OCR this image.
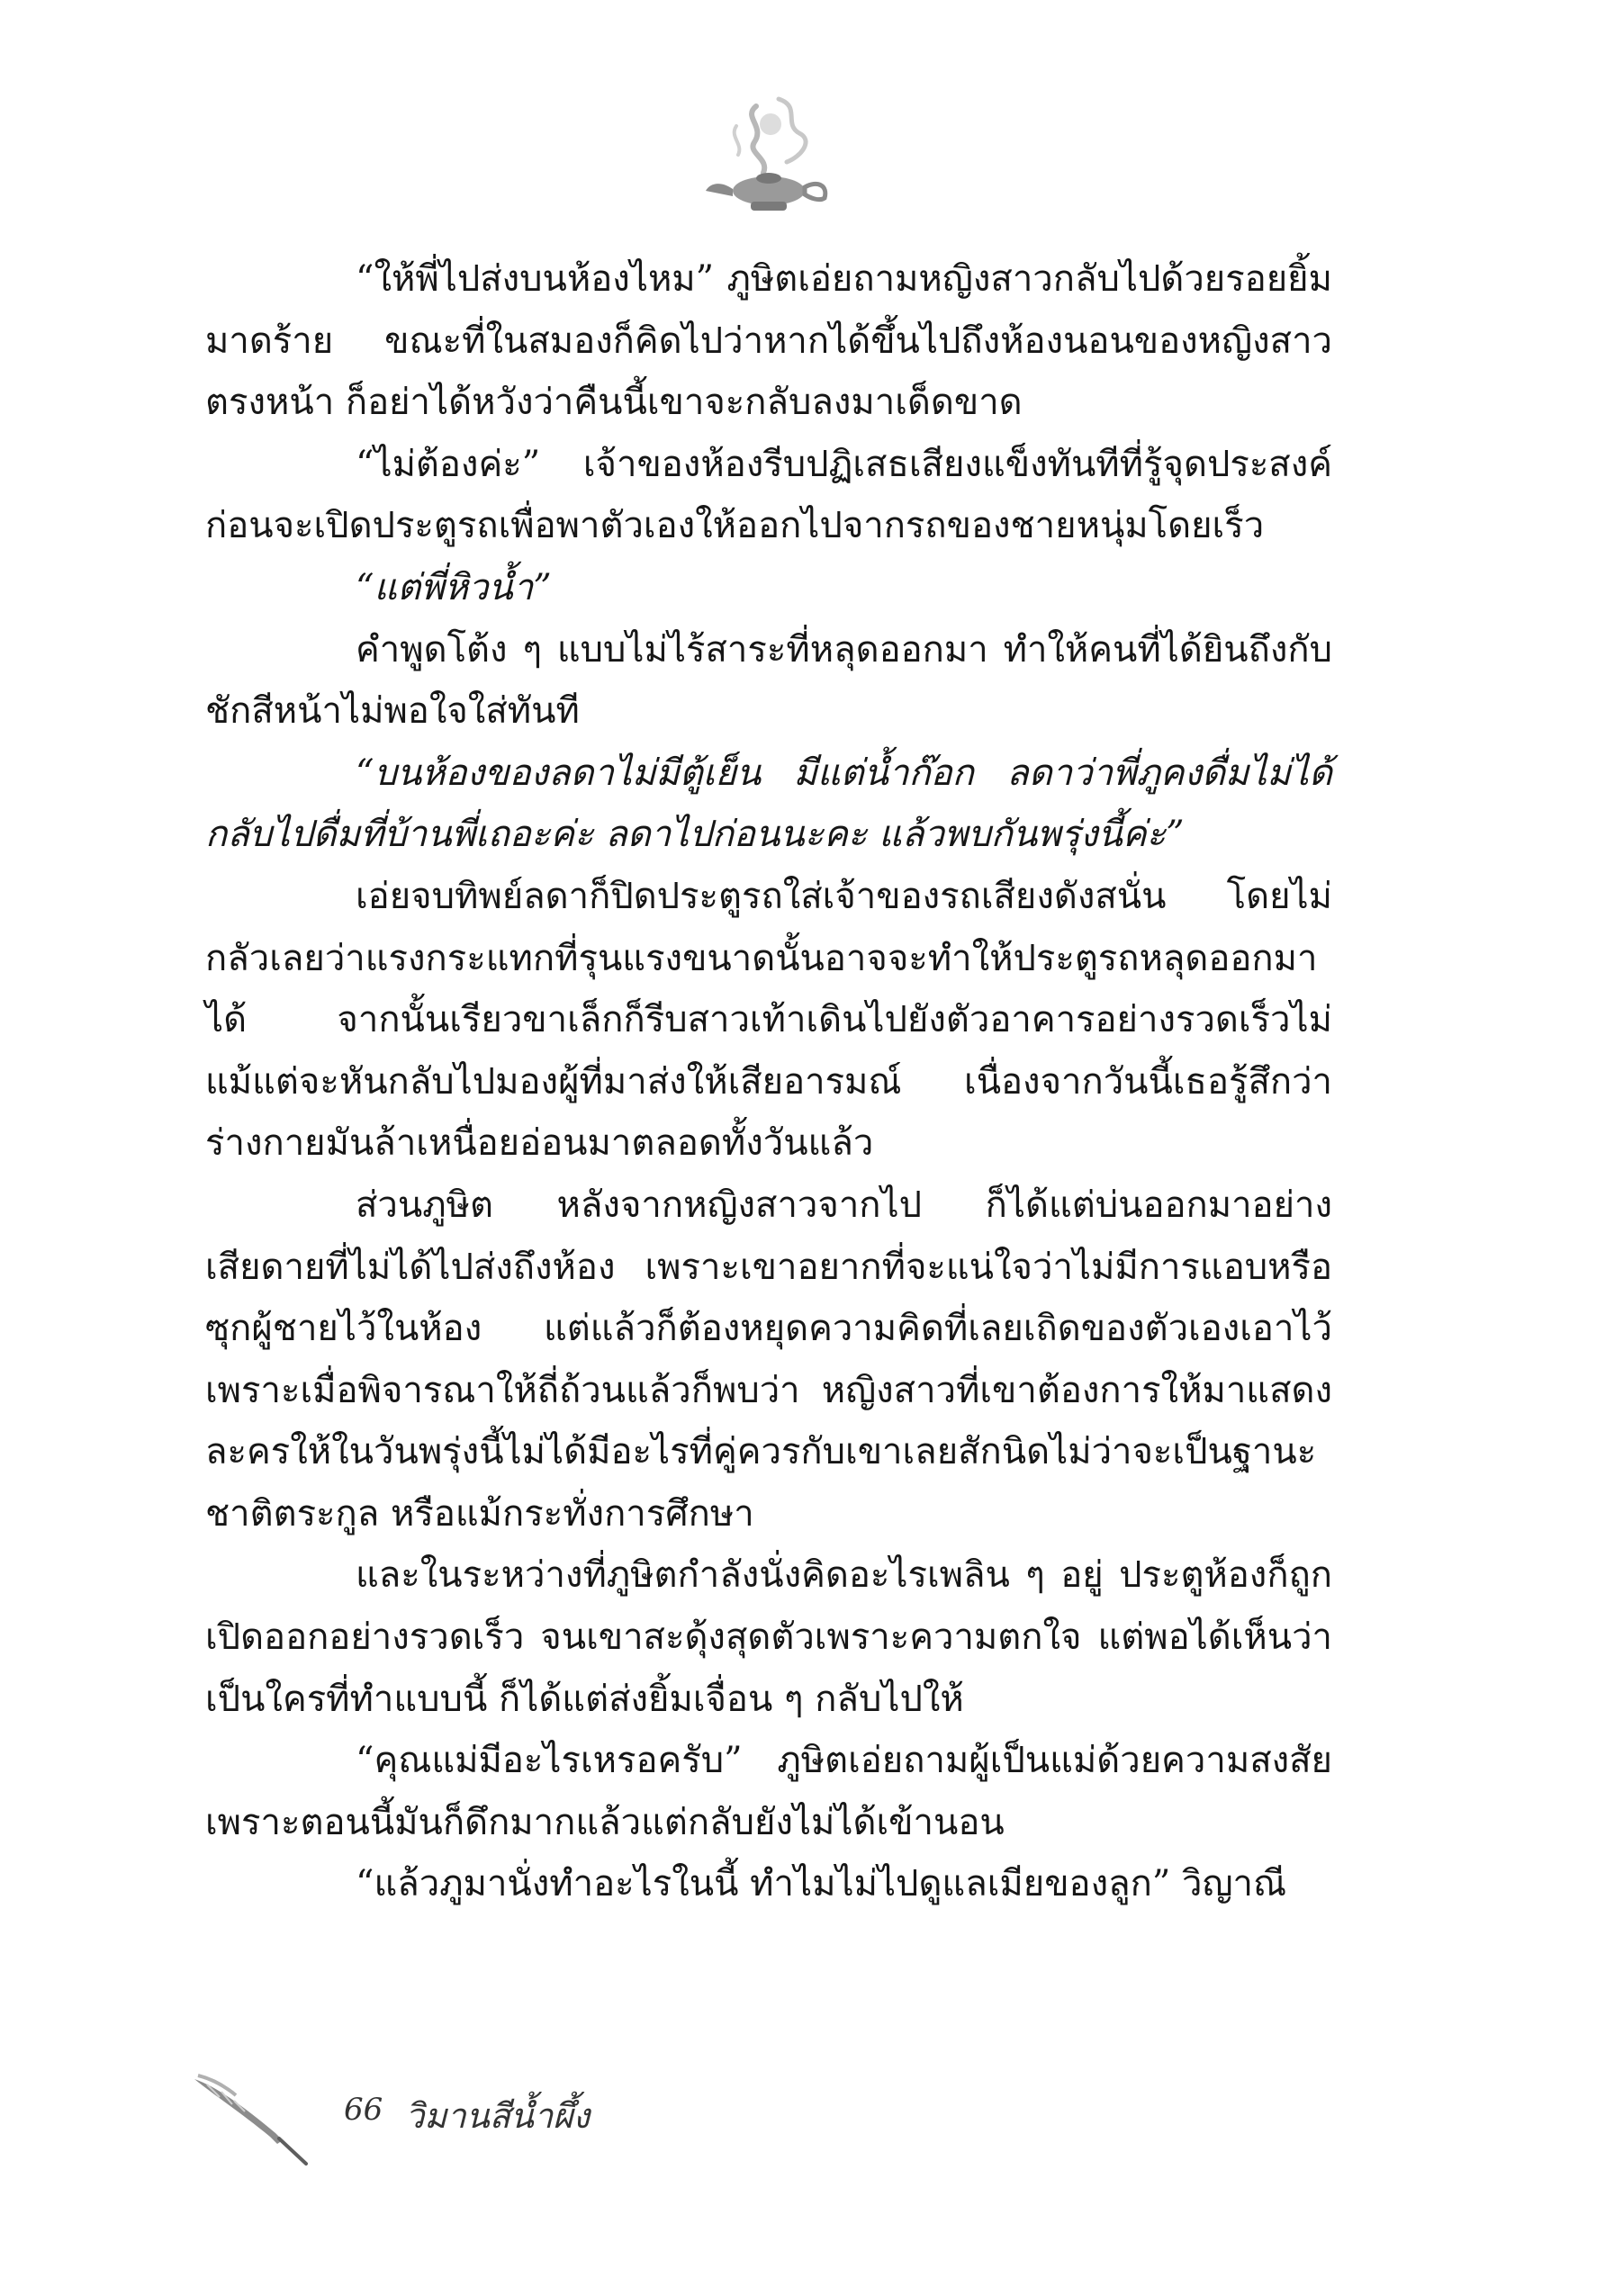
“ให้พี่ไปส่งบนห้องไหม” ภูษิตเอ่ยถามหญิงสาวกลับไปด้วยรอยยิ้มมาดร้าย ขณะที่ในสมองก็คิดไปว่าหากได้ขึ้นไปถึงห้องนอนของหญิงสาวตรงหน้า ก็อย่าได้หวังว่าคืนนี้เขาจะกลับลงมาเด็ดขาด

“ไม่ต้องค่ะ” เจ้าของห้องรีบปฏิเสธเสียงแข็งทันทีที่รู้จุดประสงค์ก่อนจะเปิดประตูรถเพื่อพาตัวเองให้ออกไปจากรถของชายหนุ่มโดยเร็ว

“แต่พี่หิวน้ำ”

คำพูดโต้ง ๆ แบบไม่ไร้สาระที่หลุดออกมา ทำให้คนที่ได้ยินถึงกับชักสีหน้าไม่พอใจใส่ทันที

“บนห้องของลดาไม่มีตู้เย็น มีแต่น้ำก๊อก ลดาว่าพี่ภูคงดื่มไม่ได้ กลับไปดื่มที่บ้านพี่เถอะค่ะ ลดาไปก่อนนะคะ แล้วพบกันพรุ่งนี้ค่ะ”

เอ่ยจบทิพย์ลดาก็ปิดประตูรถใส่เจ้าของรถเสียงดังสนั่น โดยไม่กลัวเลยว่าแรงกระแทกที่รุนแรงขนาดนั้นอาจจะทำให้ประตูรถหลุดออกมาได้ จากนั้นเรียวขาเล็กก็รีบสาวเท้าเดินไปยังตัวอาคารอย่างรวดเร็วไม่แม้แต่จะหันกลับไปมองผู้ที่มาส่งให้เสียอารมณ์ เนื่องจากวันนี้เธอรู้สึกว่าร่างกายมันล้าเหนื่อยอ่อนมาตลอดทั้งวันแล้ว

ส่วนภูษิต หลังจากหญิงสาวจากไป ก็ได้แต่บ่นออกมาอย่างเสียดายที่ไม่ได้ไปส่งถึงห้อง เพราะเขาอยากที่จะแน่ใจว่าไม่มีการแอบหรือซุกผู้ชายไว้ในห้อง แต่แล้วก็ต้องหยุดความคิดที่เลยเถิดของตัวเองเอาไว้ เพราะเมื่อพิจารณาให้ถี่ถ้วนแล้วก็พบว่า หญิงสาวที่เขาต้องการให้มาแสดงละครให้ในวันพรุ่งนี้ไม่ได้มีอะไรที่คู่ควรกับเขาเลยสักนิดไม่ว่าจะเป็นฐานะ ชาติตระกูล หรือแม้กระทั่งการศึกษา

และในระหว่างที่ภูษิตกำลังนั่งคิดอะไรเพลิน ๆ อยู่ ประตูห้องก็ถูกเปิดออกอย่างรวดเร็ว จนเขาสะดุ้งสุดตัวเพราะความตกใจ แต่พอได้เห็นว่าเป็นใครที่ทำแบบนี้ ก็ได้แต่ส่งยิ้มเจื่อน ๆ กลับไปให้

“คุณแม่มีอะไรเหรอครับ” ภูษิตเอ่ยถามผู้เป็นแม่ด้วยความสงสัย เพราะตอนนี้มันก็ดึกมากแล้วแต่กลับยังไม่ได้เข้านอน

“แล้วภูมานั่งทำอะไรในนี้ ทำไมไม่ไปดูแลเมียของลูก” วิญาณี

66 วิมานสีน้ำผึ้ง
